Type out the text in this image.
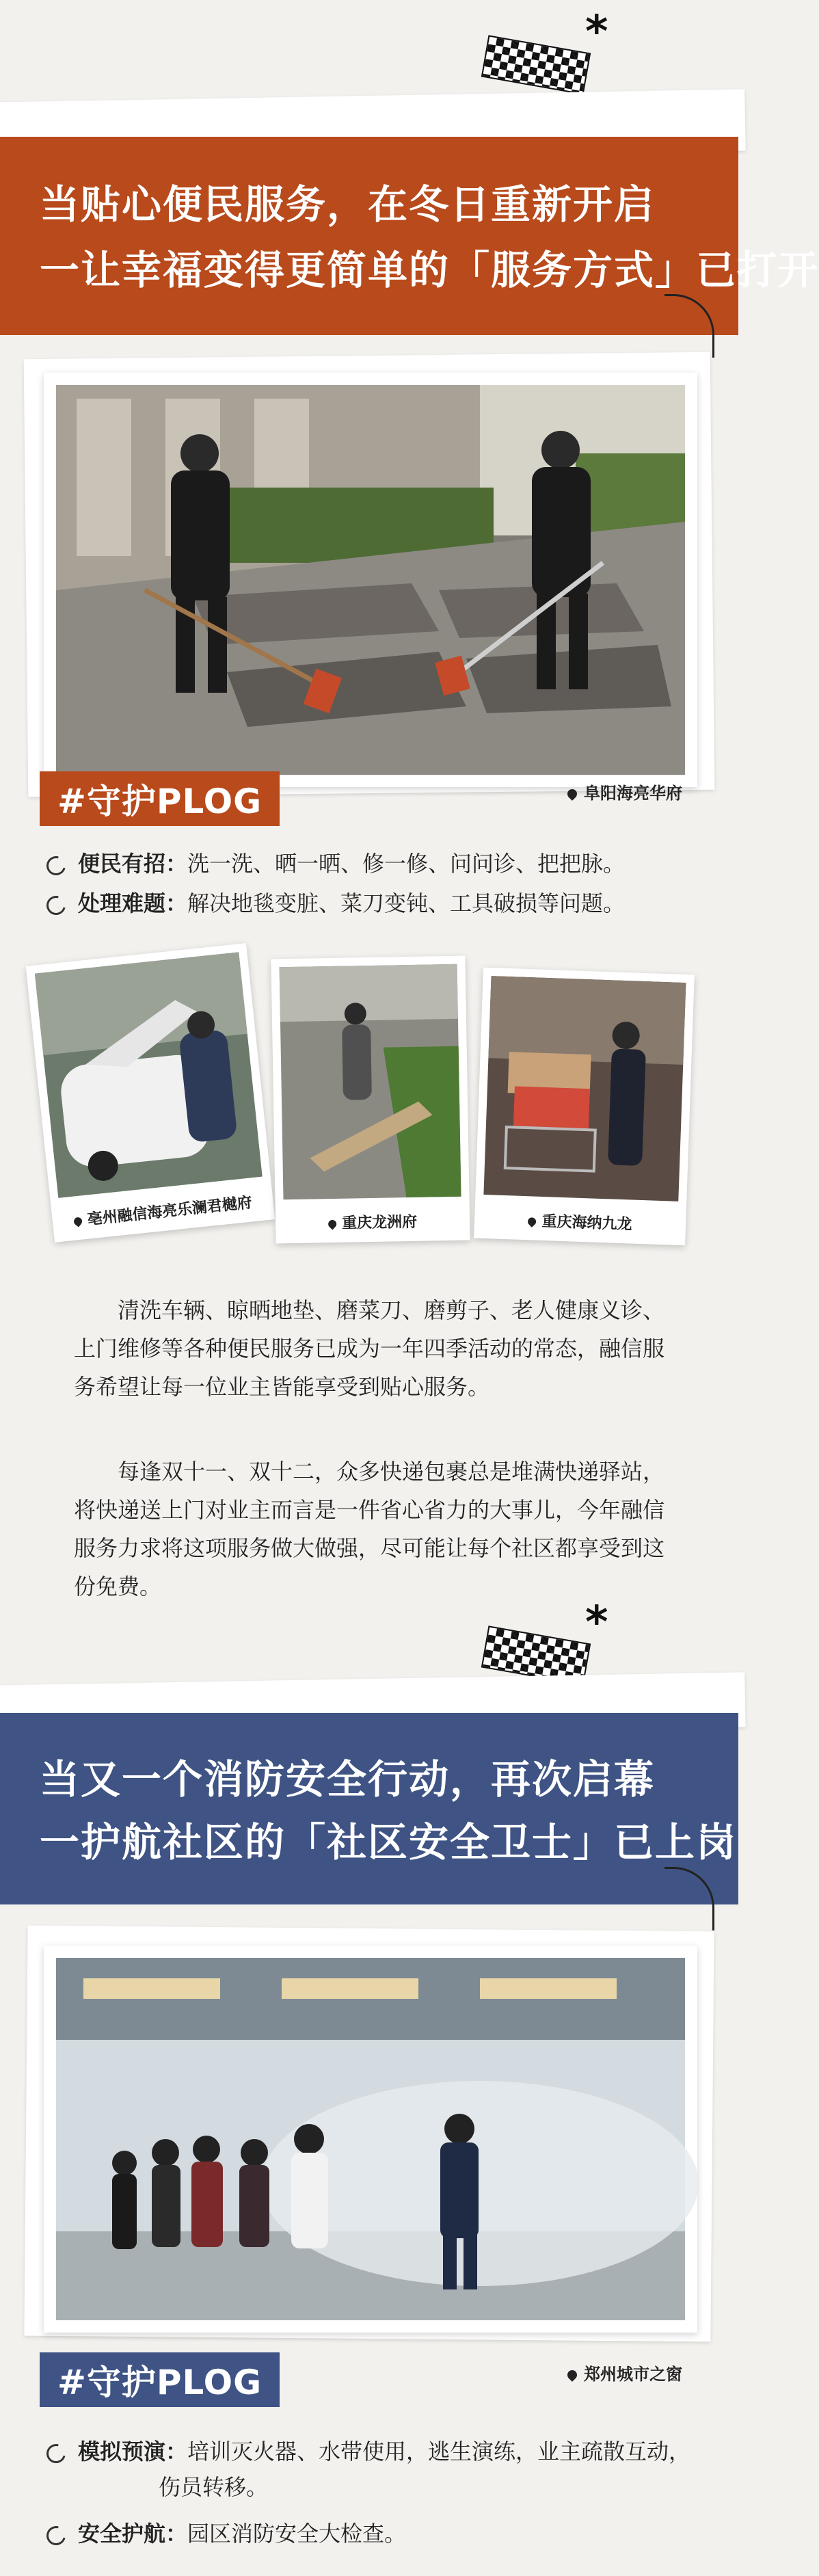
*
当贴心便民服务，在冬日重新开启
一让幸福变得更简单的「服务方式」已打开
#守护PLOG	阜阳海亮华府
便民有招：洗一洗、晒一晒、修一修、问问诊、把把脉。
处理难题：解决地毯变脏、菜刀变钝、工具破损等问题。
亳州融信海亮乐澜君樾府	重庆龙洲府	重庆海纳九龙
清洗车辆、晾晒地垫、磨菜刀、磨剪子、老人健康义诊、上门维修等各种便民服务已成为一年四季活动的常态，融信服务希望让每一位业主皆能享受到贴心服务。
每逢双十一、双十二，众多快递包裹总是堆满快递驿站，将快递送上门对业主而言是一件省心省力的大事儿，今年融信服务力求将这项服务做大做强，尽可能让每个社区都享受到这份免费。
*
当又一个消防安全行动，再次启幕
一护航社区的「社区安全卫士」已上岗
#守护PLOG	郑州城市之窗
模拟预演：培训灭火器、水带使用，逃生演练，业主疏散互动，
伤员转移。
安全护航：园区消防安全大检查。
